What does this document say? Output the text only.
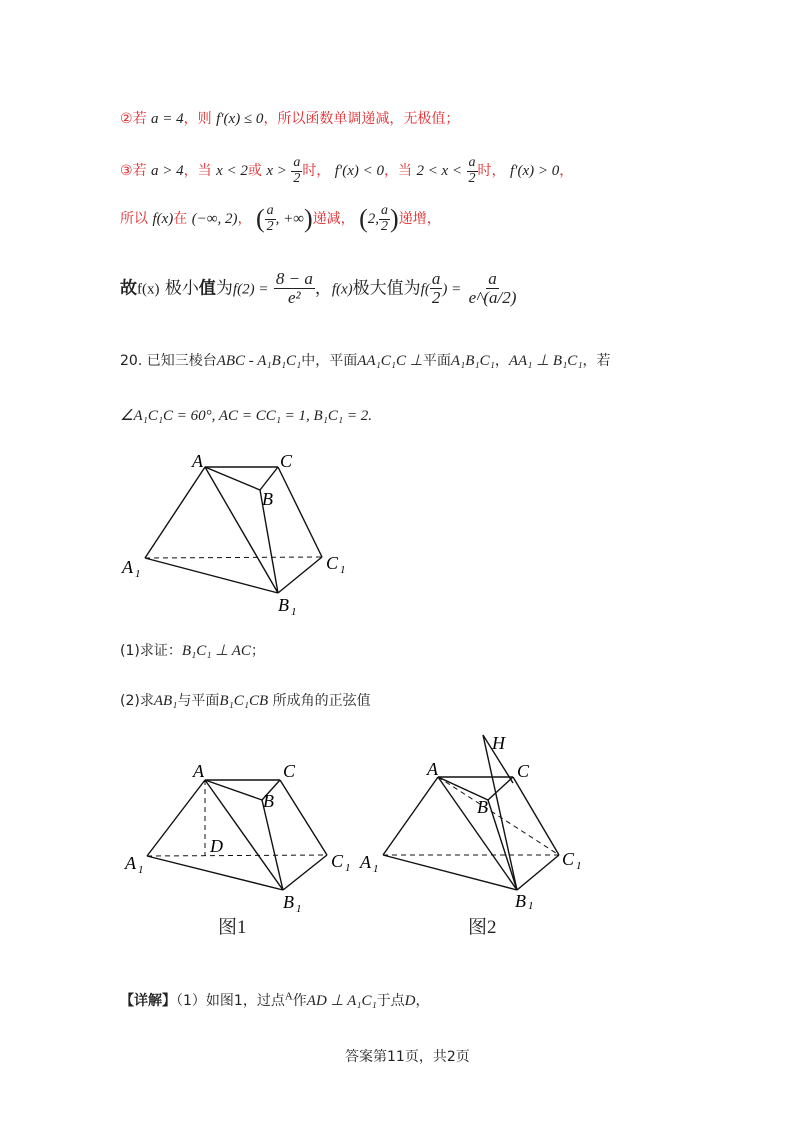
②若 a = 4，则 f′(x) ≤ 0，所以函数单调递减，无极值；
③若 a > 4，当 x < 2或 $x > \frac{a}{2}$ 时， f′(x) < 0，当 $2 < x < \frac{a}{2}$ 时， f′(x) > 0，
所以 f(x)在 (−∞, 2)， ( $\frac{a}{2}$ , +∞)递减， (2, $\frac{a}{2}$ )递增，
故f(x) 极小值为$f(2) = \frac{8 - a}{\text{e²}}$ ，f(x)极大值为$f( \frac{a}{2}$ ) = $\frac{a}{e\^{}(a/2)}$
20. 已知三棱台ABC - A₁B₁C₁中，平面AA₁C₁C ⊥平面A₁B₁C₁，AA₁ ⊥ B₁C₁，若
∠A₁C₁C = 60°, AC = CC₁ = 1, B₁C₁ = 2.
A	C
B
A 1
C 1
B 1
(1)求证：B₁C₁ ⊥ AC；
(2)求AB₁与平面B₁C₁CB 所成角的正弦值
A	C
B
D
A 1	C 1
B 1
图1
H
A	C
B
A 1	C 1
B 1
图2
【详解】（1）如图1，过点$^A$作AD ⊥ A₁C₁于点D，
答案第11页，共2页
